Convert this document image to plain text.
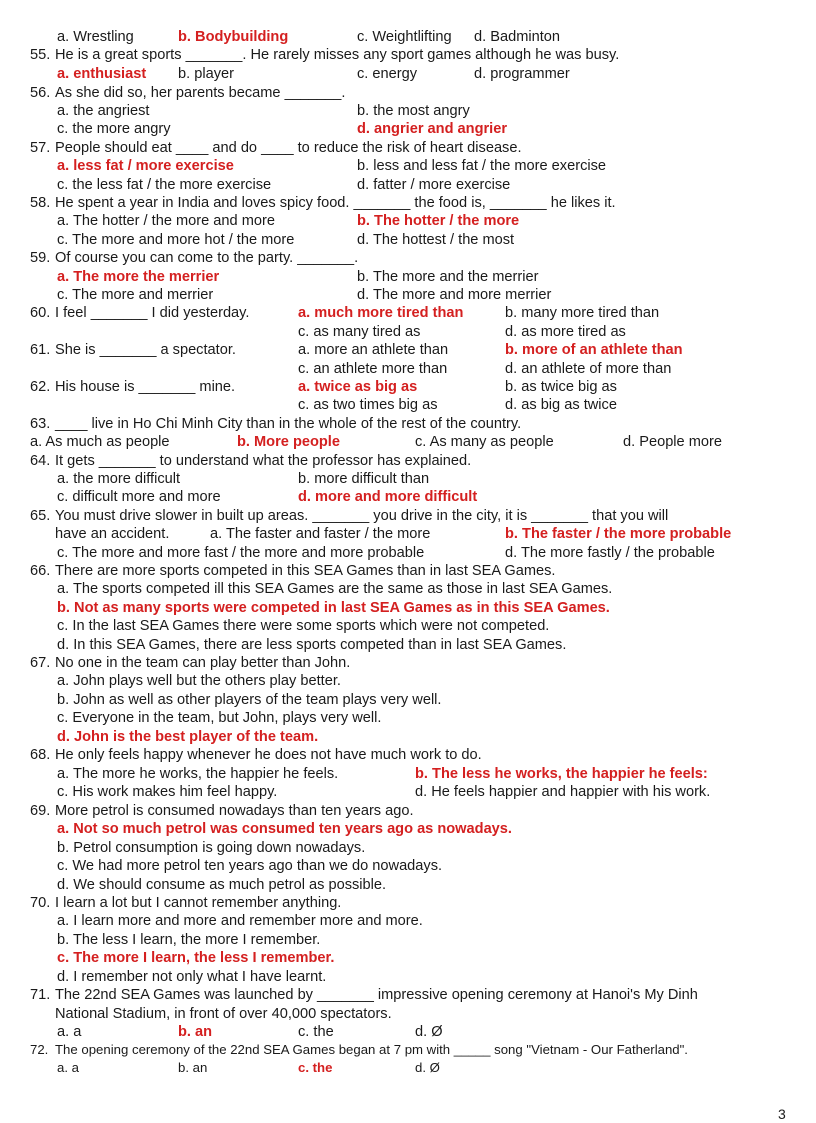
a. Wrestling	b. Bodybuilding	c. Weightlifting d. Badminton
55. He is a great sports _______. He rarely misses any sport games although he was busy.
a. enthusiast b. player	c. energy	d. programmer
56. As she did so, her parents became _______.
a. the angriest	b. the most angry
c. the more angry	d. angrier and angrier
57. People should eat ____ and do ____ to reduce the risk of heart disease.
a. less fat / more exercise	b. less and less fat / the more exercise
c. the less fat / the more exercise	d. fatter / more exercise
58. He spent a year in India and loves spicy food. _______ the food is, _______ he likes it.
a. The hotter / the more and more	b. The hotter / the more
c. The more and more hot / the more	d. The hottest / the most
59. Of course you can come to the party. _______.
a. The more the merrier	b. The more and the merrier
c. The more and merrier	d. The more and more merrier
60. I feel _______ I did yesterday.	a. much more tired than	b. many more tired than
c. as many tired as	d. as more tired as
61. She is _______ a spectator.	a. more an athlete than	b. more of an athlete than
c. an athlete more than	d. an athlete of more than
62. His house is _______ mine.	a. twice as big as	b. as twice big as
c. as two times big as	d. as big as twice
63. ____ live in Ho Chi Minh City than in the whole of the rest of the country.
a. As much as people	b. More people	c. As many as people	d. People more
64. It gets _______ to understand what the professor has explained.
a. the more difficult	b. more difficult than
c. difficult more and more	d. more and more difficult
65. You must drive slower in built up areas. _______ you drive in the city, it is _______ that you will
have an accident.	a. The faster and faster / the more	b. The faster / the more probable
c. The more and more fast / the more and more probable	d. The more fastly / the probable
66. There are more sports competed in this SEA Games than in last SEA Games.
a. The sports competed ill this SEA Games are the same as those in last SEA Games.
b. Not as many sports were competed in last SEA Games as in this SEA Games.
c. In the last SEA Games there were some sports which were not competed.
d. In this SEA Games, there are less sports competed than in last SEA Games.
67. No one in the team can play better than John.
a. John plays well but the others play better.
b. John as well as other players of the team plays very well.
c. Everyone in the team, but John, plays very well.
d. John is the best player of the team.
68. He only feels happy whenever he does not have much work to do.
a. The more he works, the happier he feels.	b. The less he works, the happier he feels:
c. His work makes him feel happy.	d. He feels happier and happier with his work.
69. More petrol is consumed nowadays than ten years ago.
a. Not so much petrol was consumed ten years ago as nowadays.
b. Petrol consumption is going down nowadays.
c. We had more petrol ten years ago than we do nowadays.
d. We should consume as much petrol as possible.
70. I learn a lot but I cannot remember anything.
a. I learn more and more and remember more and more.
b. The less I learn, the more I remember.
c. The more I learn, the less I remember.
d. I remember not only what I have learnt.
71. The 22nd SEA Games was launched by _______ impressive opening ceremony at Hanoi's My Dinh
National Stadium, in front of over 40,000 spectators.
a. a	b. an	c. the	d. Ø
72. The opening ceremony of the 22nd SEA Games began at 7 pm with _____ song "Vietnam - Our Fatherland".
a. a	b. an	c. the	d. Ø
3
